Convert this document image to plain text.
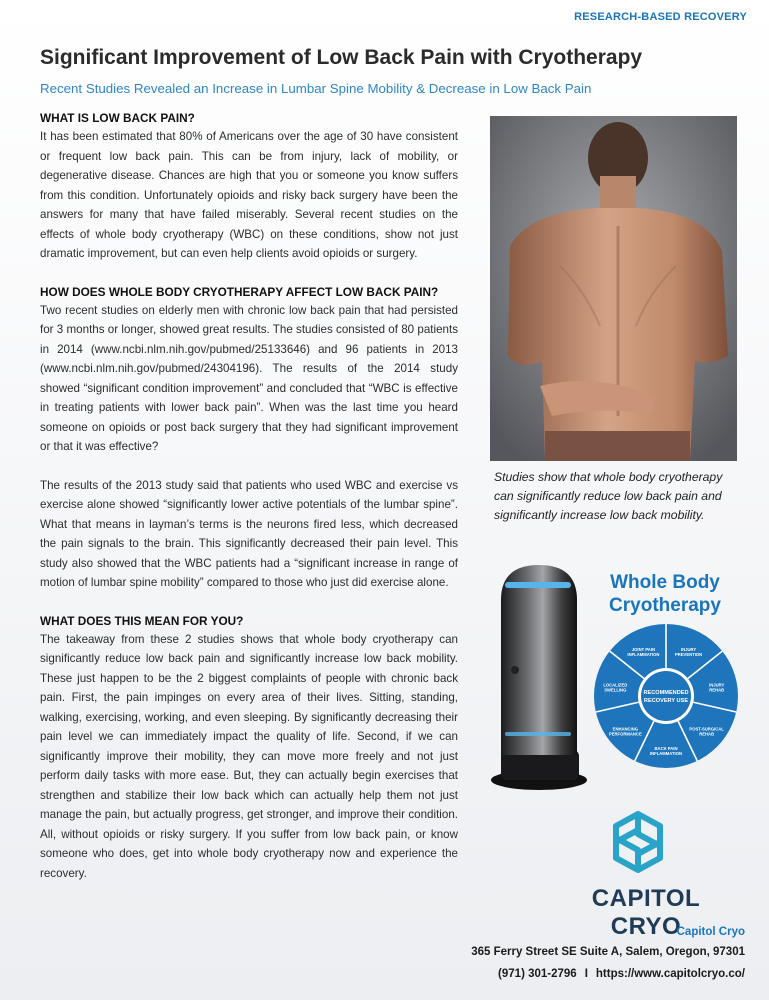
RESEARCH-BASED RECOVERY
Significant Improvement of Low Back Pain with Cryotherapy

Recent Studies Revealed an Increase in Lumbar Spine Mobility & Decrease in Low Back Pain

WHAT IS LOW BACK PAIN?

It has been estimated that 80% of Americans over the age of 30 have consistent or frequent low back pain. This can be from injury, lack of mobility, or degenerative disease. Chances are high that you or someone you know suffers from this condition. Unfortunately opioids and risky back surgery have been the answers for many that have failed miserably. Several recent studies on the effects of whole body cryotherapy (WBC) on these conditions, show not just dramatic improvement, but can even help clients avoid opioids or surgery.

HOW DOES WHOLE BODY CRYOTHERAPY AFFECT LOW BACK PAIN?

Two recent studies on elderly men with chronic low back pain that had persisted for 3 months or longer, showed great results. The studies consisted of 80 patients in 2014 (www.ncbi.nlm.nih.gov/pubmed/25133646) and 96 patients in 2013 (www.ncbi.nlm.nih.gov/pubmed/24304196). The results of the 2014 study showed “significant condition improvement” and concluded that “WBC is effective in treating patients with lower back pain”. When was the last time you heard someone on opioids or post back surgery that they had significant improvement or that it was effective?

The results of the 2013 study said that patients who used WBC and exercise vs exercise alone showed “significantly lower active potentials of the lumbar spine”. What that means in layman’s terms is the neurons fired less, which decreased the pain signals to the brain. This significantly decreased their pain level. This study also showed that the WBC patients had a “significant increase in range of motion of lumbar spine mobility” compared to those who just did exercise alone.

WHAT DOES THIS MEAN FOR YOU?

The takeaway from these 2 studies shows that whole body cryotherapy can significantly reduce low back pain and significantly increase low back mobility. These just happen to be the 2 biggest complaints of people with chronic back pain. First, the pain impinges on every area of their lives. Sitting, standing, walking, exercising, working, and even sleeping. By significantly decreasing their pain level we can immediately impact the quality of life. Second, if we can significantly improve their mobility, they can move more freely and not just perform daily tasks with more ease. But, they can actually begin exercises that strengthen and stabilize their low back which can actually help them not just manage the pain, but actually progress, get stronger, and improve their condition. All, without opioids or risky surgery. If you suffer from low back pain, or know someone who does, get into whole body cryotherapy now and experience the recovery.

Studies show that whole body cryotherapy can significantly reduce low back pain and significantly increase low back mobility.

Whole Body
Cryotherapy
JOINT PAIN
INFLAMMATION
INJURY
PREVENTION
INJURY
REHAB
POST-SURGICAL
REHAB
BACK PAIN
INFLAMMATION
ENHANCING
PERFORMANCE
LOCALIZED
SWELLING
RECOMMENDED
RECOVERY USE
CAPITOL CRYO
Capitol Cryo
365 Ferry Street SE Suite A, Salem, Oregon, 97301
(971) 301-2796 I https://www.capitolcryo.co/
